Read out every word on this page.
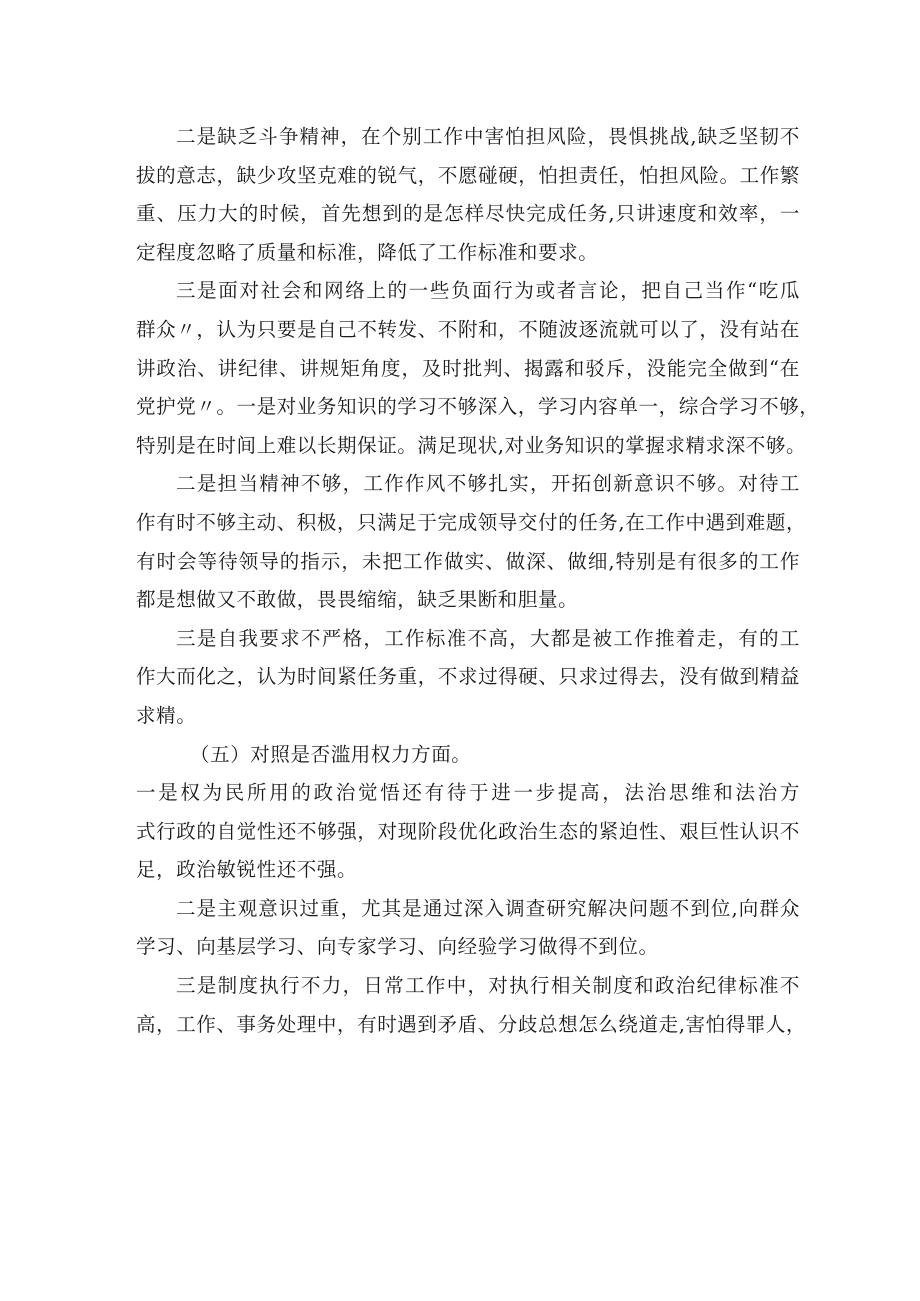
二是缺乏斗争精神，在个别工作中害怕担风险，畏惧挑战,缺乏坚韧不
拔的意志，缺少攻坚克难的锐气，不愿碰硬，怕担责任，怕担风险。工作繁
重、压力大的时候，首先想到的是怎样尽快完成任务,只讲速度和效率，一
定程度忽略了质量和标准，降低了工作标准和要求。
三是面对社会和网络上的一些负面行为或者言论，把自己当作“吃瓜
群众〃，认为只要是自己不转发、不附和，不随波逐流就可以了，没有站在
讲政治、讲纪律、讲规矩角度，及时批判、揭露和驳斥，没能完全做到“在
党护党〃。一是对业务知识的学习不够深入，学习内容单一，综合学习不够，
特别是在时间上难以长期保证。满足现状,对业务知识的掌握求精求深不够。
二是担当精神不够，工作作风不够扎实，开拓创新意识不够。对待工
作有时不够主动、积极，只满足于完成领导交付的任务,在工作中遇到难题，
有时会等待领导的指示，未把工作做实、做深、做细,特别是有很多的工作
都是想做又不敢做，畏畏缩缩，缺乏果断和胆量。
三是自我要求不严格，工作标准不高，大都是被工作推着走，有的工
作大而化之，认为时间紧任务重，不求过得硬、只求过得去，没有做到精益
求精。
（五）对照是否滥用权力方面。
一是权为民所用的政治觉悟还有待于进一步提高，法治思维和法治方
式行政的自觉性还不够强，对现阶段优化政治生态的紧迫性、艰巨性认识不
足，政治敏锐性还不强。
二是主观意识过重，尤其是通过深入调查研究解决问题不到位,向群众
学习、向基层学习、向专家学习、向经验学习做得不到位。
三是制度执行不力，日常工作中，对执行相关制度和政治纪律标准不
高，工作、事务处理中，有时遇到矛盾、分歧总想怎么绕道走,害怕得罪人，
